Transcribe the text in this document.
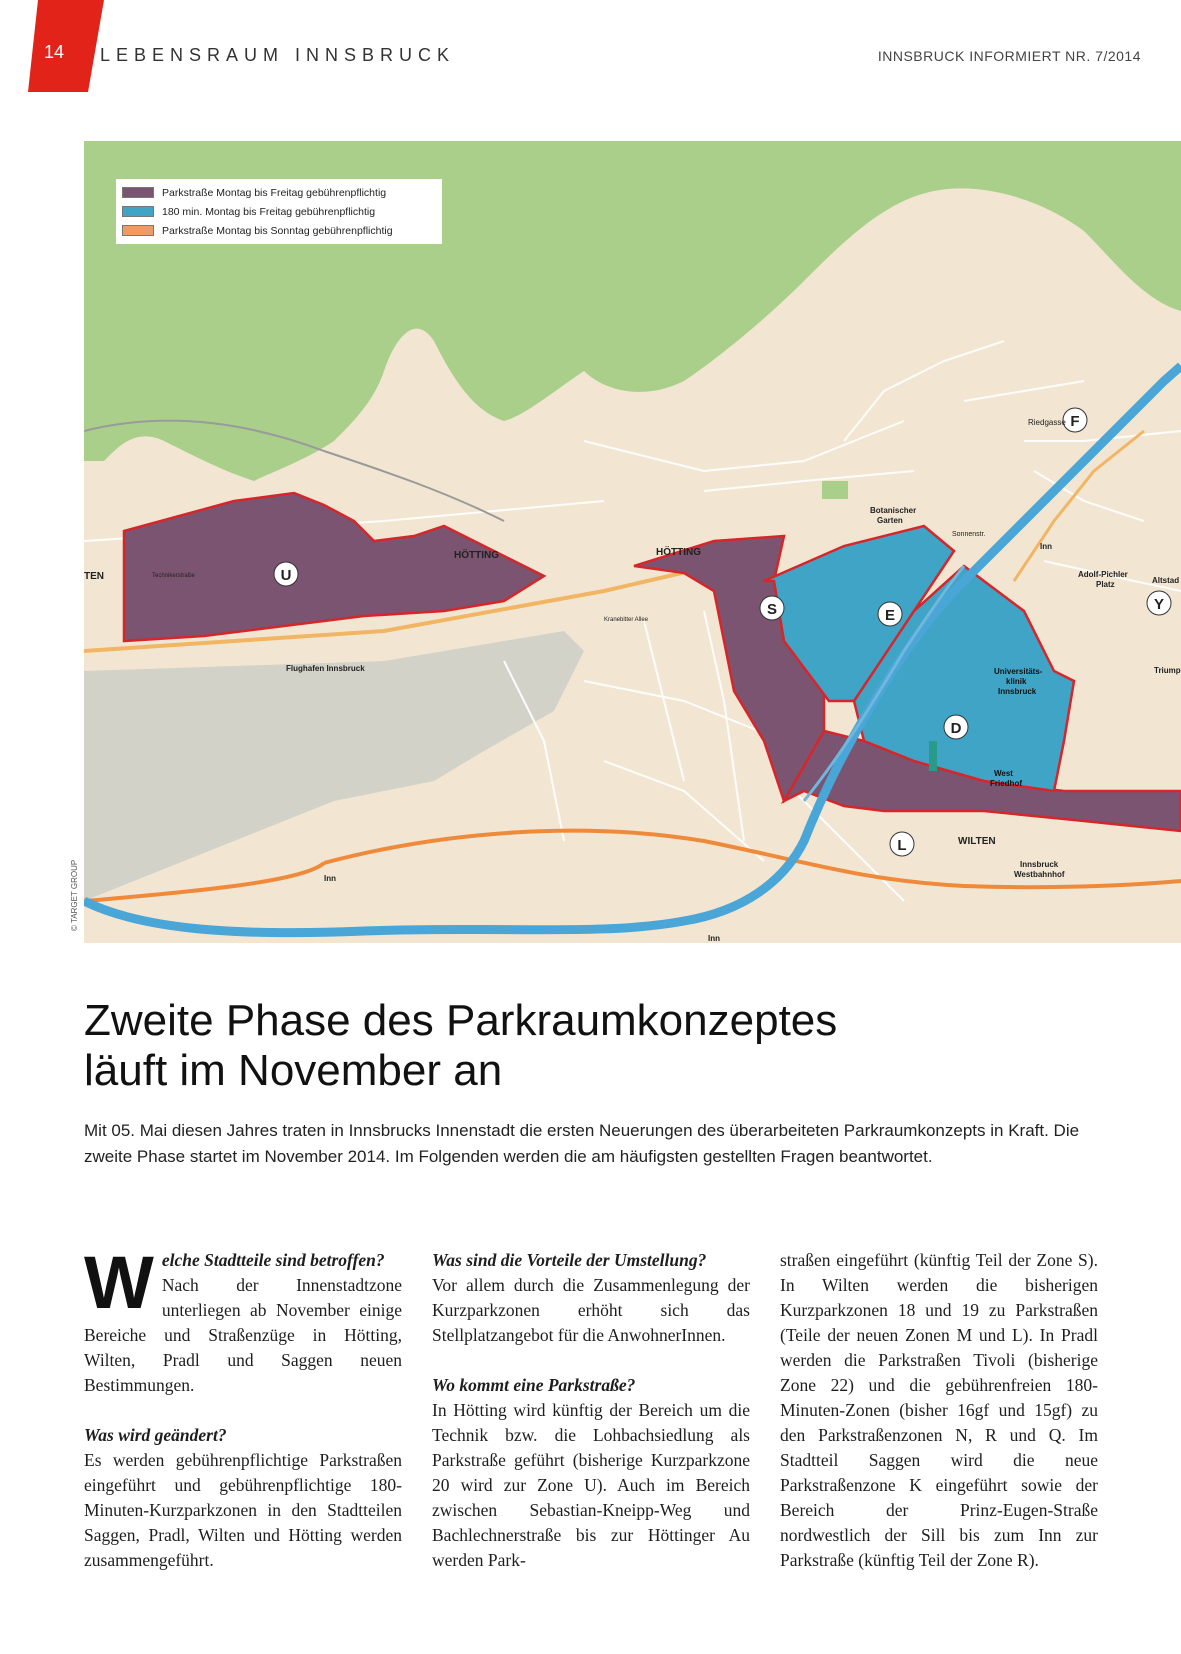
14 LEBENSRAUM INNSBRUCK	INNSBRUCK INFORMIERT NR. 7/2014
U
S	E
D
L
F
Y
HÖTTING	HÖTTING
WILTEN
Flughafen Innsbruck
Botanischer
Garten
Universitäts-
klinik
Innsbruck
West
Friedhof
Innsbruck
Westbahnhof
Adolf-Pichler
Platz	Altstad
Triump
Riedgasse
TEN
Inn
Inn
Inn
Kranebitter Allee
Technikerstraße
Sonnenstr.
Parkstraße Montag bis Freitag gebührenpflichtig
180 min. Montag bis Freitag gebührenpflichtig
Parkstraße Montag bis Sonntag gebührenpflichtig
© TARGET GROUP
Zweite Phase des Parkraumkonzeptes
läuft im November an

Mit 05. Mai diesen Jahres traten in Innsbrucks Innenstadt die ersten Neuerungen des überarbeiteten Parkraumkonzepts in Kraft. Die zweite Phase startet im November 2014. Im Folgenden werden die am häufigsten gestellten Fragen beantwortet.

W elche Stadtteile sind betroffen?

Nach der Innenstadtzone unterliegen ab November einige Bereiche und Straßenzüge in Hötting, Wilten, Pradl und Saggen neuen Bestimmungen.

Was wird geändert?

Es werden gebührenpflichtige Parkstraßen eingeführt und gebührenpflichtige 180-Minuten-Kurzparkzonen in den Stadtteilen Saggen, Pradl, Wilten und Hötting werden zusammengeführt.

Was sind die Vorteile der Umstellung?

Vor allem durch die Zusammenlegung der Kurzparkzonen erhöht sich das Stellplatzangebot für die AnwohnerInnen.

Wo kommt eine Parkstraße?

In Hötting wird künftig der Bereich um die Technik bzw. die Lohbachsiedlung als Parkstraße geführt (bisherige Kurzparkzone 20 wird zur Zone U). Auch im Bereich zwischen Sebastian-Kneipp-Weg und Bachlechnerstraße bis zur Höttinger Au werden Park-

straßen eingeführt (künftig Teil der Zone S). In Wilten werden die bisherigen Kurzparkzonen 18 und 19 zu Parkstraßen (Teile der neuen Zonen M und L). In Pradl werden die Parkstraßen Tivoli (bisherige Zone 22) und die gebührenfreien 180-Minuten-Zonen (bisher 16gf und 15gf) zu den Parkstraßenzonen N, R und Q. Im Stadtteil Saggen wird die neue Parkstraßenzone K eingeführt sowie der Bereich der Prinz-Eugen-Straße nordwestlich der Sill bis zum Inn zur Parkstraße (künftig Teil der Zone R).
